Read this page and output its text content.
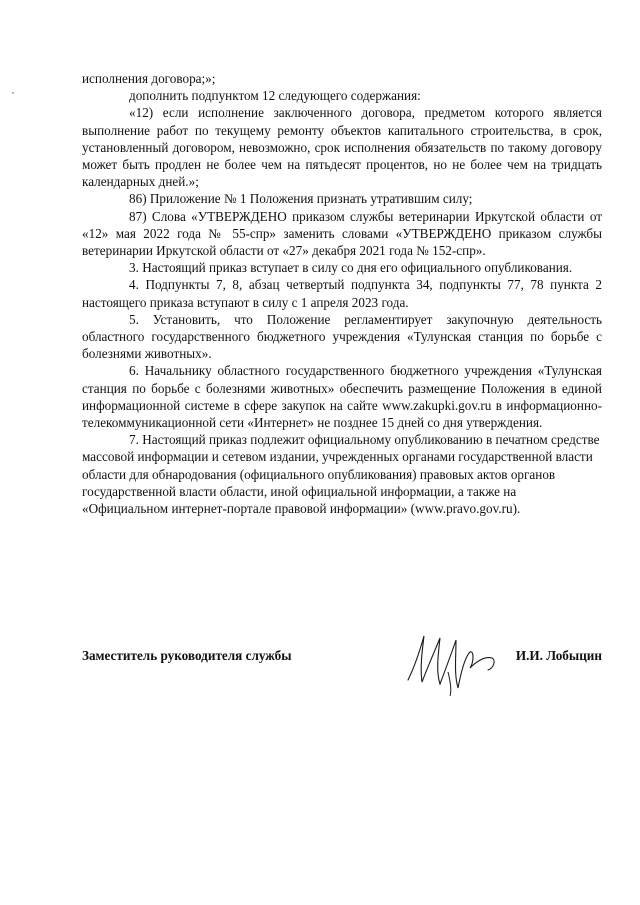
исполнения договора;»;

дополнить подпунктом 12 следующего содержания:

«12) если исполнение заключенного договора, предметом которого является выполнение работ по текущему ремонту объектов капитального строительства, в срок, установленный договором, невозможно, срок исполнения обязательств по такому договору может быть продлен не более чем на пятьдесят процентов, но не более чем на тридцать календарных дней.»;

86) Приложение № 1 Положения признать утратившим силу;

87) Слова «УТВЕРЖДЕНО приказом службы ветеринарии Иркутской области от «12» мая 2022 года № 55-спр» заменить словами «УТВЕРЖДЕНО приказом службы ветеринарии Иркутской области от «27» декабря 2021 года № 152-спр».

3. Настоящий приказ вступает в силу со дня его официального опубликования.

4. Подпункты 7, 8, абзац четвертый подпункта 34, подпункты 77, 78 пункта 2 настоящего приказа вступают в силу с 1 апреля 2023 года.

5. Установить, что Положение регламентирует закупочную деятельность областного государственного бюджетного учреждения «Тулунская станция по борьбе с болезнями животных».

6. Начальнику областного государственного бюджетного учреждения «Тулунская станция по борьбе с болезнями животных» обеспечить размещение Положения в единой информационной системе в сфере закупок на сайте www.zakupki.gov.ru в информационно-телекоммуникационной сети «Интернет» не позднее 15 дней со дня утверждения.

7. Настоящий приказ подлежит официальному опубликованию в печатном средстве массовой информации и сетевом издании, учрежденных органами государственной власти области для обнародования (официального опубликования) правовых актов органов государственной власти области, иной официальной информации, а также на «Официальном интернет-портале правовой информации» (www.pravo.gov.ru).

Заместитель руководителя службы	И.И. Лобыцин
